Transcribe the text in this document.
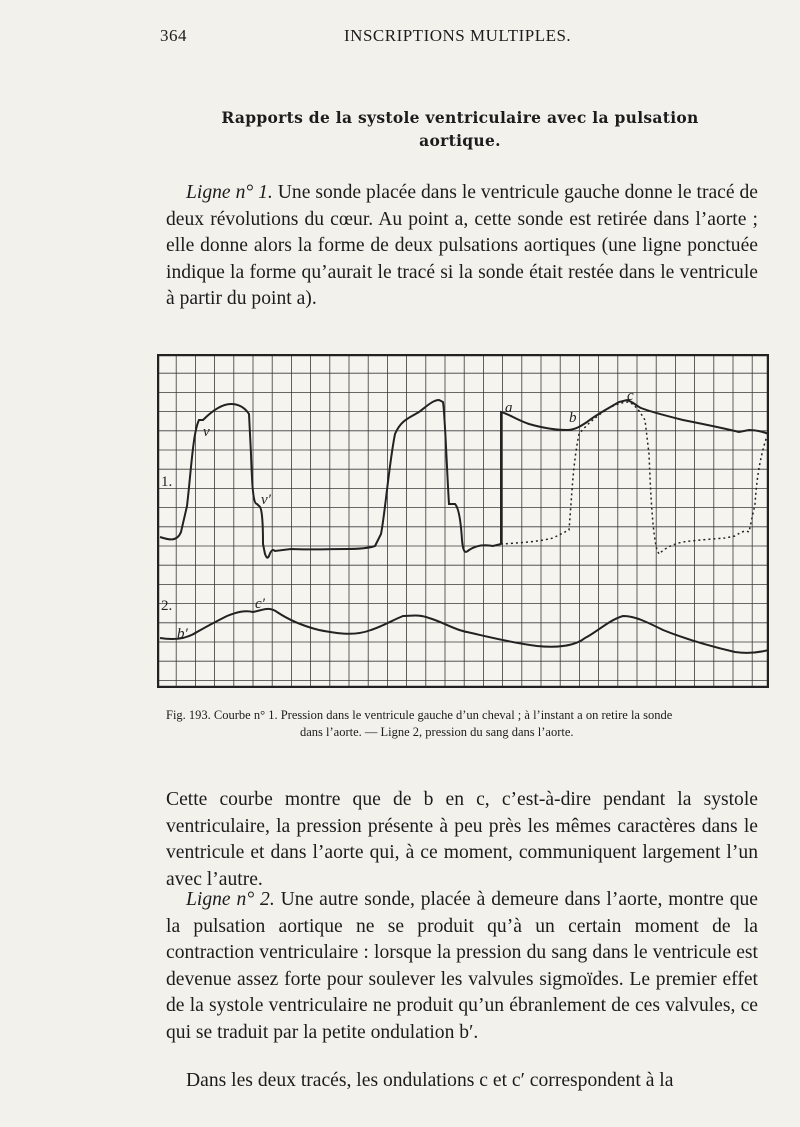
364	INSCRIPTIONS MULTIPLES.
Rapports de la systole ventriculaire avec la pulsation
aortique.
Ligne n° 1. Une sonde placée dans le ventricule gauche donne le tracé de deux révolutions du cœur. Au point a, cette sonde est retirée dans l’aorte ; elle donne alors la forme de deux pulsations aortiques (une ligne ponctuée indique la forme qu’aurait le tracé si la sonde était restée dans le ventricule à partir du point a).
v
v′
a
b
c
b′
c′
1.
2.
Fig. 193. Courbe n° 1. Pression dans le ventricule gauche d’un cheval ; à l’instant a on retire la sonde
dans l’aorte. — Ligne 2, pression du sang dans l’aorte.
Cette courbe montre que de b en c, c’est-à-dire pendant la systole ventriculaire, la pression présente à peu près les mêmes caractères dans le ventricule et dans l’aorte qui, à ce moment, communiquent largement l’un avec l’autre.
Ligne n° 2. Une autre sonde, placée à demeure dans l’aorte, montre que la pulsation aortique ne se produit qu’à un certain moment de la contraction ventriculaire : lorsque la pression du sang dans le ventricule est devenue assez forte pour soulever les valvules sigmoïdes. Le premier effet de la systole ventriculaire ne produit qu’un ébranlement de ces valvules, ce qui se traduit par la petite ondulation b′.
Dans les deux tracés, les ondulations c et c′ correspondent à la
